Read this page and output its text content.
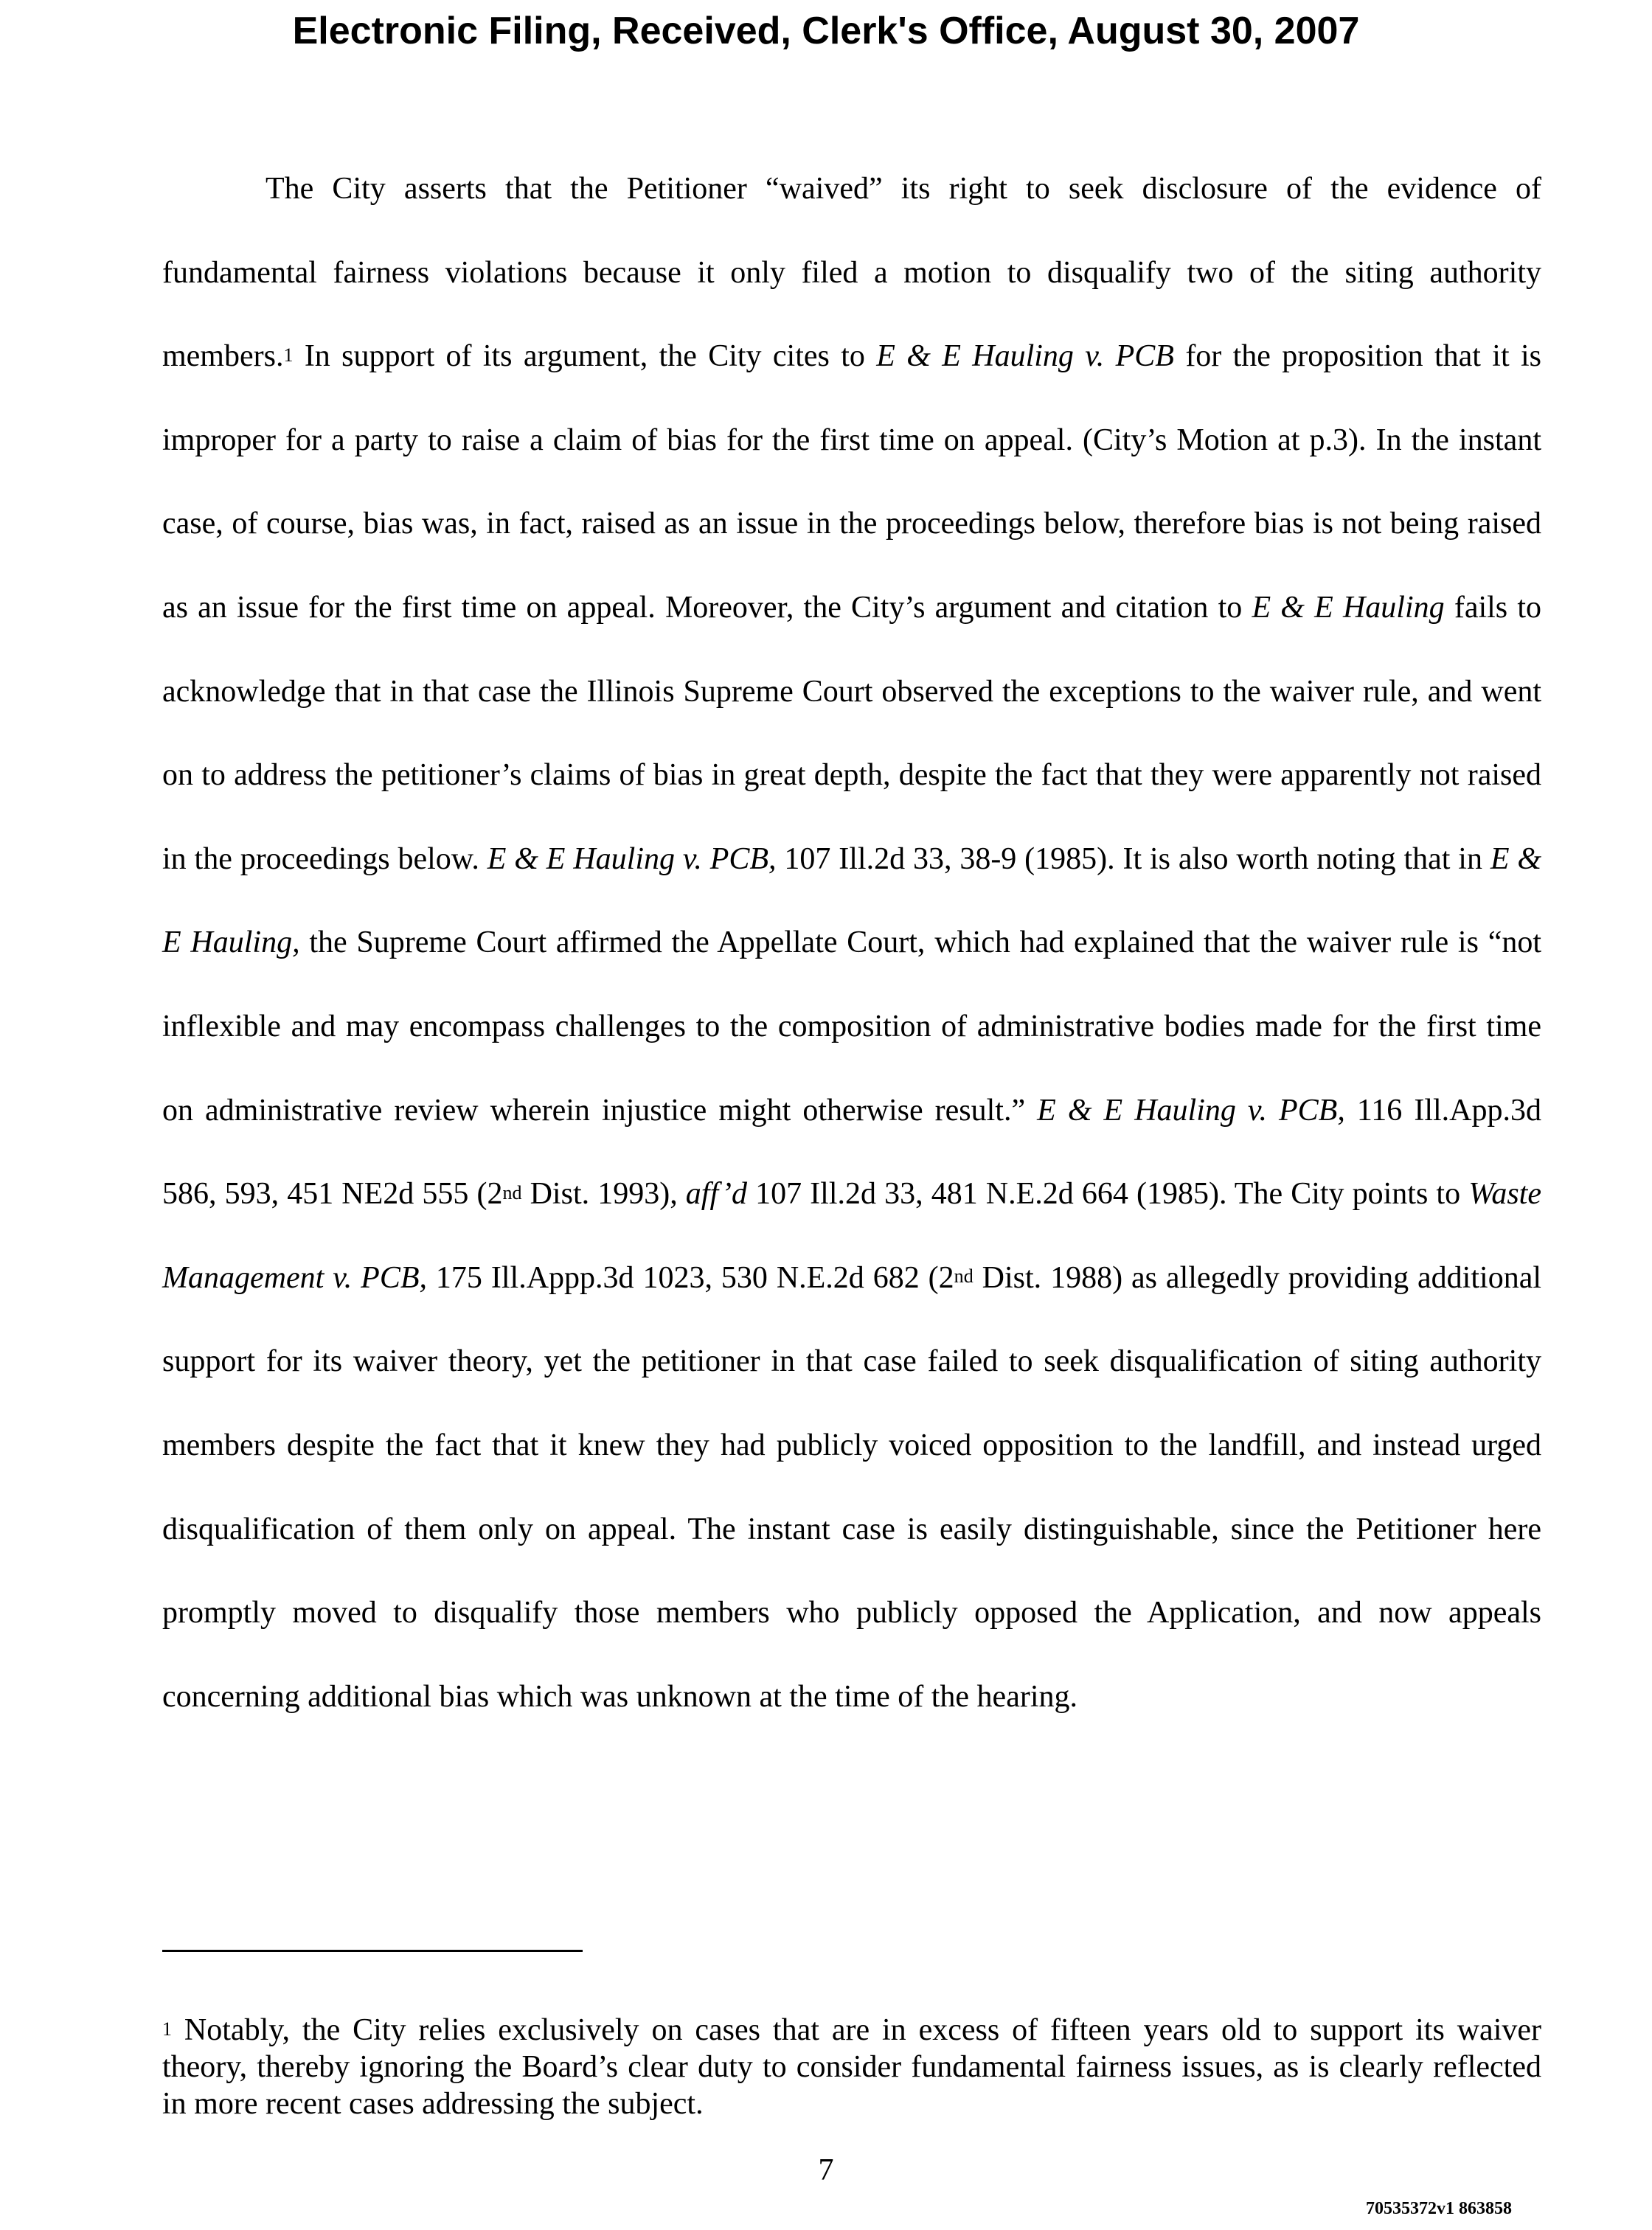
Electronic Filing, Received, Clerk's Office, August 30, 2007

The City asserts that the Petitioner “waived” its right to seek disclosure of the evidence of fundamental fairness violations because it only filed a motion to disqualify two of the siting authority members.$^1$ In support of its argument, the City cites to E & E Hauling v. PCB for the proposition that it is improper for a party to raise a claim of bias for the first time on appeal. (City’s Motion at p.3). In the instant case, of course, bias was, in fact, raised as an issue in the proceedings below, therefore bias is not being raised as an issue for the first time on appeal. Moreover, the City’s argument and citation to E & E Hauling fails to acknowledge that in that case the Illinois Supreme Court observed the exceptions to the waiver rule, and went on to address the petitioner’s claims of bias in great depth, despite the fact that they were apparently not raised in the proceedings below. E & E Hauling v. PCB, 107 Ill.2d 33, 38-9 (1985). It is also worth noting that in E & E Hauling, the Supreme Court affirmed the Appellate Court, which had explained that the waiver rule is “not inflexible and may encompass challenges to the composition of administrative bodies made for the first time on administrative review wherein injustice might otherwise result.” E & E Hauling v. PCB, 116 Ill.App.3d 586, 593, 451 NE2d 555 (2nd Dist. 1993), aff’d 107 Ill.2d 33, 481 N.E.2d 664 (1985). The City points to Waste Management v. PCB, 175 Ill.Appp.3d 1023, 530 N.E.2d 682 (2nd Dist. 1988) as allegedly providing additional support for its waiver theory, yet the petitioner in that case failed to seek disqualification of siting authority members despite the fact that it knew they had publicly voiced opposition to the landfill, and instead urged disqualification of them only on appeal. The instant case is easily distinguishable, since the Petitioner here promptly moved to disqualify those members who publicly opposed the Application, and now appeals concerning additional bias which was unknown at the time of the hearing.

$^1$ Notably, the City relies exclusively on cases that are in excess of fifteen years old to support its waiver theory, thereby ignoring the Board’s clear duty to consider fundamental fairness issues, as is clearly reflected in more recent cases addressing the subject.

7
70535372v1 863858
